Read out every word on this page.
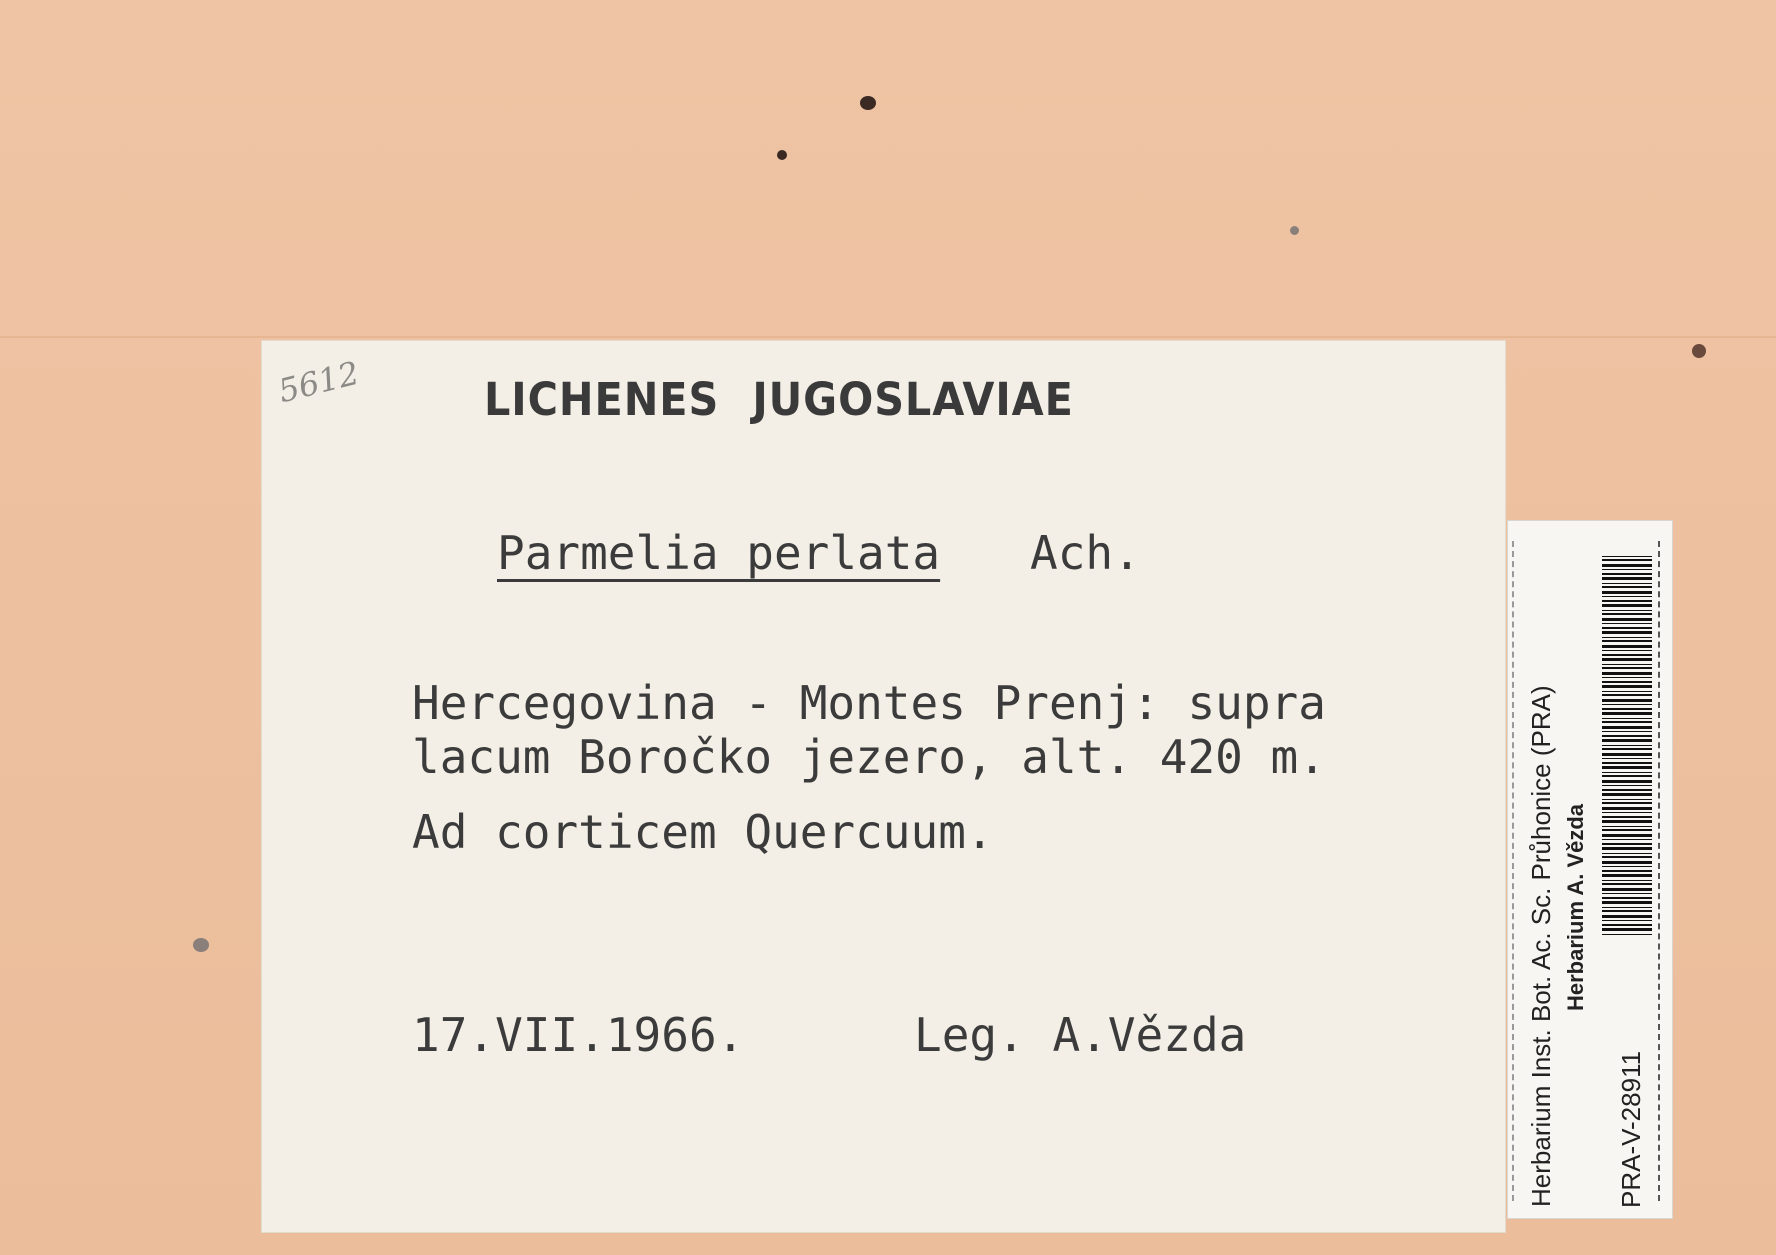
5612	LICHENES JUGOSLAVIAE
Parmelia perlata Ach.
Hercegovina - Montes Prenj: supra
lacum Boročko jezero, alt. 420 m.
Ad corticem Quercuum.
17.VII.1966.	Leg. A.Vězda	Herbarium Inst. Bot. Ac. Sc. Průhonice (PRA) Herbarium A. Vězda
PRA-V-28911
